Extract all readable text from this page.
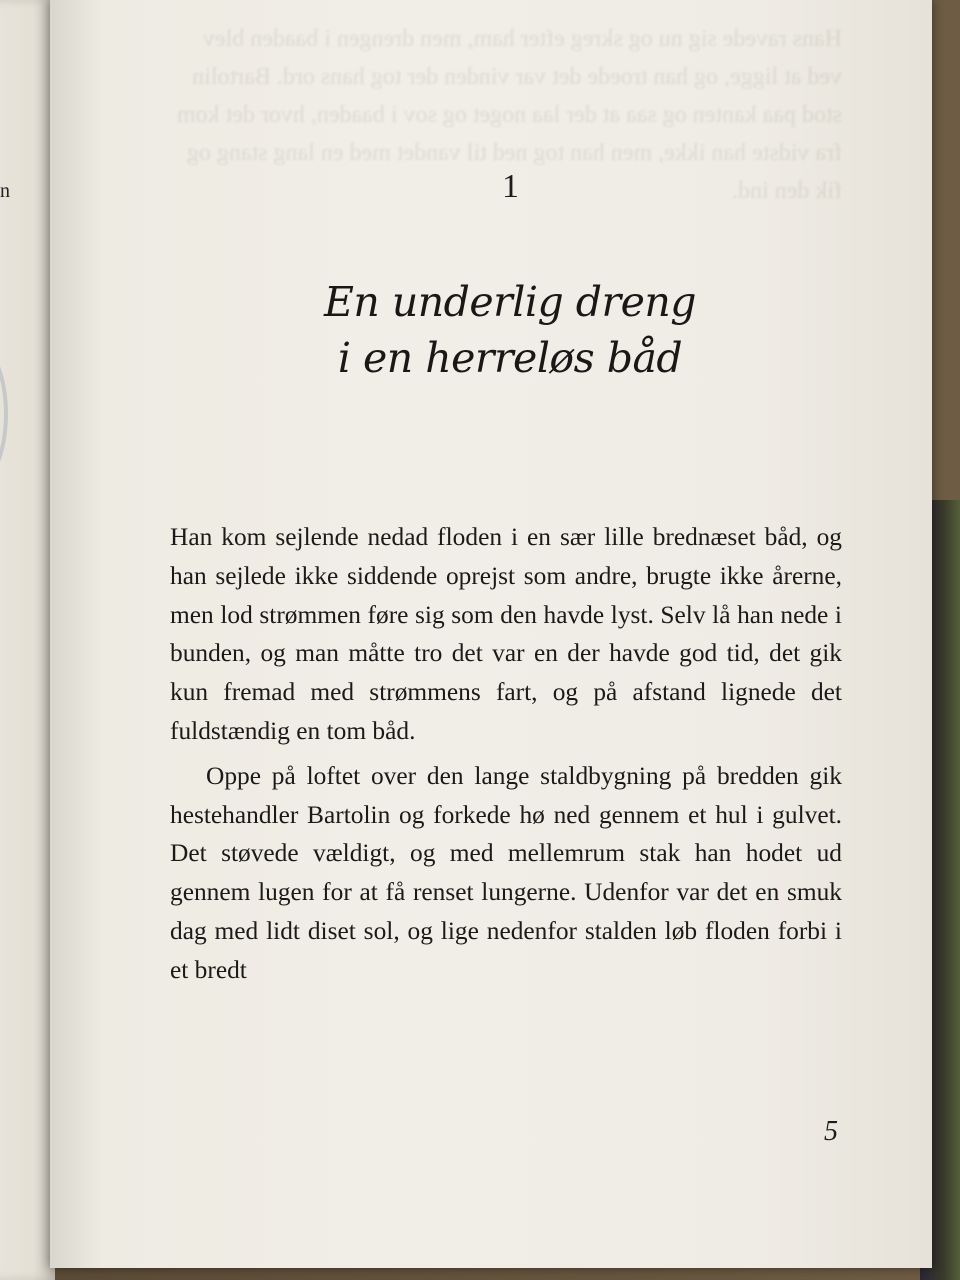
n
Hans ravede sig nu og skreg efter ham, men drengen i baaden blev ved at ligge, og han troede det var vinden der tog hans ord. Bartolin stod paa kanten og saa at der laa noget og sov i baaden, hvor det kom fra vidste han ikke, men han tog ned til vandet med en lang stang og fik den ind.
1
En underlig dreng
i en herreløs båd

Han kom sejlende nedad floden i en sær lille brednæset båd, og han sejlede ikke siddende oprejst som andre, brugte ikke årerne, men lod strømmen føre sig som den havde lyst. Selv lå han nede i bunden, og man måtte tro det var en der havde god tid, det gik kun fremad med strømmens fart, og på afstand lignede det fuldstændig en tom båd.

Oppe på loftet over den lange staldbygning på bredden gik hestehandler Bartolin og forkede hø ned gennem et hul i gulvet. Det støvede vældigt, og med mellemrum stak han hodet ud gennem lugen for at få renset lungerne. Udenfor var det en smuk dag med lidt diset sol, og lige nedenfor stalden løb floden forbi i et bredt

5
